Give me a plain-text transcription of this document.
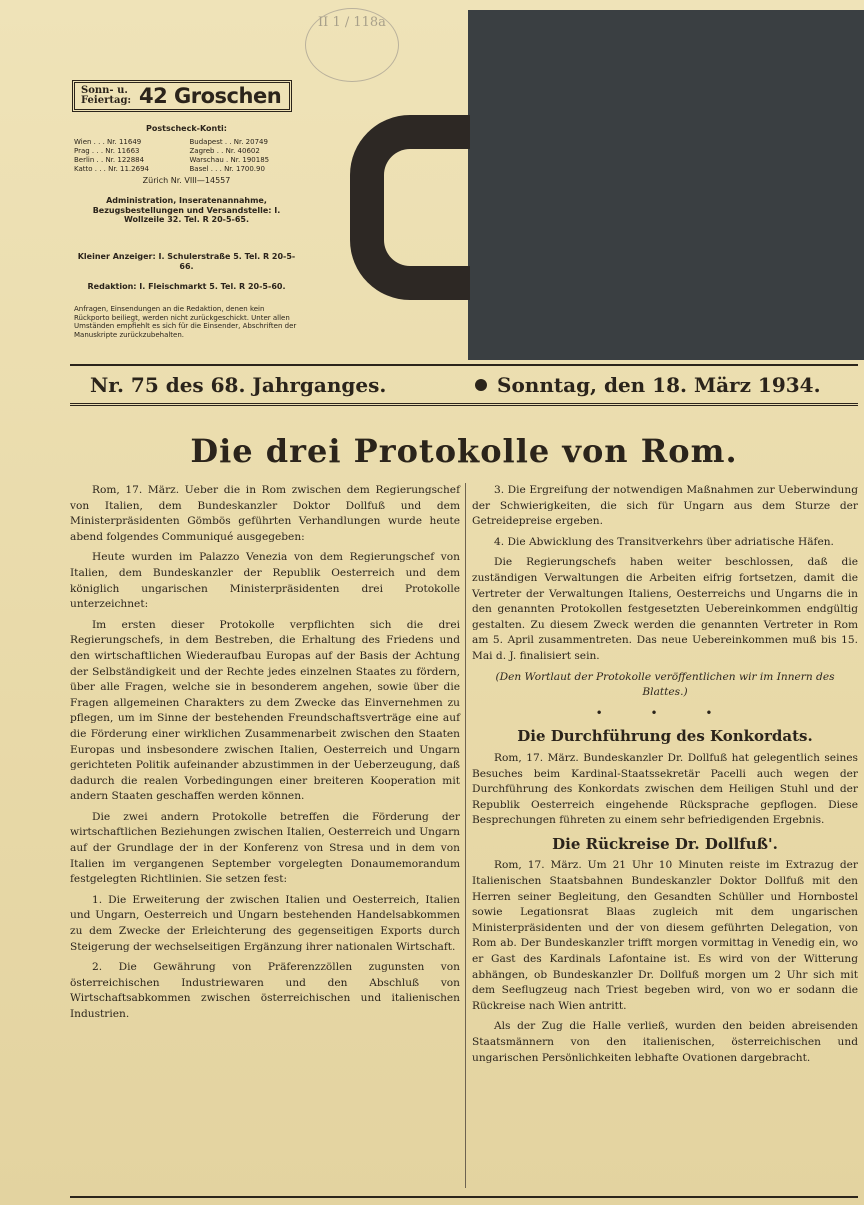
II 1 / 118a
Sonn- u. Feiertag: 42 Groschen
Postscheck-Konti:
Wien . . . Nr. 11649	Budapest . . Nr. 20749
Prag . . . Nr. 11663	Zagreb . . Nr. 40602
Berlin . . Nr. 122884	Warschau . Nr. 190185
Katto . . . Nr. 11.2694	Basel . . . Nr. 1700.90
Zürich Nr. VIII—14557
Administration, Inseratenannahme, Bezugsbestellungen und Versandstelle: I. Wollzeile 32. Tel. R 20-5-65.
Kleiner Anzeiger: I. Schulerstraße 5. Tel. R 20-5-66.
Redaktion: I. Fleischmarkt 5. Tel. R 20-5-60.
Anfragen, Einsendungen an die Redaktion, denen kein Rückporto beiliegt, werden nicht zurückgeschickt. Unter allen Umständen empfiehlt es sich für die Einsender, Abschriften der Manuskripte zurückzubehalten.
Nr. 75 des 68. Jahrganges.	Sonntag, den 18. März 1934.
Die drei Protokolle von Rom.

Rom, 17. März. Ueber die in Rom zwischen dem Regierungschef von Italien, dem Bundeskanzler Doktor Dollfuß und dem Ministerpräsidenten Gömbös geführten Verhandlungen wurde heute abend folgendes Communiqué ausgegeben:

Heute wurden im Palazzo Venezia von dem Regierungschef von Italien, dem Bundeskanzler der Republik Oesterreich und dem königlich ungarischen Ministerpräsidenten drei Protokolle unterzeichnet:

Im ersten dieser Protokolle verpflichten sich die drei Regierungschefs, in dem Bestreben, die Erhaltung des Friedens und den wirtschaftlichen Wiederaufbau Europas auf der Basis der Achtung der Selbständigkeit und der Rechte jedes einzelnen Staates zu fördern, über alle Fragen, welche sie in besonderem angehen, sowie über die Fragen allgemeinen Charakters zu dem Zwecke das Einvernehmen zu pflegen, um im Sinne der bestehenden Freundschaftsverträge eine auf die Förderung einer wirklichen Zusammenarbeit zwischen den Staaten Europas und insbesondere zwischen Italien, Oesterreich und Ungarn gerichteten Politik aufeinander abzustimmen in der Ueberzeugung, daß dadurch die realen Vorbedingungen einer breiteren Kooperation mit andern Staaten geschaffen werden können.

Die zwei andern Protokolle betreffen die Förderung der wirtschaftlichen Beziehungen zwischen Italien, Oesterreich und Ungarn auf der Grundlage der in der Konferenz von Stresa und in dem von Italien im vergangenen September vorgelegten Donaumemorandum festgelegten Richtlinien. Sie setzen fest:

1. Die Erweiterung der zwischen Italien und Oesterreich, Italien und Ungarn, Oesterreich und Ungarn bestehenden Handelsabkommen zu dem Zwecke der Erleichterung des gegenseitigen Exports durch Steigerung der wechselseitigen Ergänzung ihrer nationalen Wirtschaft.

2. Die Gewährung von Präferenzzöllen zugunsten von österreichischen Industriewaren und den Abschluß von Wirtschaftsabkommen zwischen österreichischen und italienischen Industrien.

3. Die Ergreifung der notwendigen Maßnahmen zur Ueberwindung der Schwierigkeiten, die sich für Ungarn aus dem Sturze der Getreidepreise ergeben.

4. Die Abwicklung des Transitverkehrs über adriatische Häfen.

Die Regierungschefs haben weiter beschlossen, daß die zuständigen Verwaltungen die Arbeiten eifrig fortsetzen, damit die Vertreter der Verwaltungen Italiens, Oesterreichs und Ungarns die in den genannten Protokollen festgesetzten Uebereinkommen endgültig gestalten. Zu diesem Zweck werden die genannten Vertreter in Rom am 5. April zusammentreten. Das neue Uebereinkommen muß bis 15. Mai d. J. finalisiert sein.

(Den Wortlaut der Protokolle veröffentlichen wir im Innern des Blattes.)

• • •
Die Durchführung des Konkordats.

Rom, 17. März. Bundeskanzler Dr. Dollfuß hat gelegentlich seines Besuches beim Kardinal-Staatssekretär Pacelli auch wegen der Durchführung des Konkordats zwischen dem Heiligen Stuhl und der Republik Oesterreich eingehende Rücksprache gepflogen. Diese Besprechungen führeten zu einem sehr befriedigenden Ergebnis.

Die Rückreise Dr. Dollfuß'.

Rom, 17. März. Um 21 Uhr 10 Minuten reiste im Extrazug der Italienischen Staatsbahnen Bundeskanzler Doktor Dollfuß mit den Herren seiner Begleitung, den Gesandten Schüller und Hornbostel sowie Legationsrat Blaas zugleich mit dem ungarischen Ministerpräsidenten und der von diesem geführten Delegation, von Rom ab. Der Bundeskanzler trifft morgen vormittag in Venedig ein, wo er Gast des Kardinals Lafontaine ist. Es wird von der Witterung abhängen, ob Bundeskanzler Dr. Dollfuß morgen um 2 Uhr sich mit dem Seeflugzeug nach Triest begeben wird, von wo er sodann die Rückreise nach Wien antritt.

Als der Zug die Halle verließ, wurden den beiden abreisenden Staatsmännern von den italienischen, österreichischen und ungarischen Persönlichkeiten lebhafte Ovationen dargebracht.
